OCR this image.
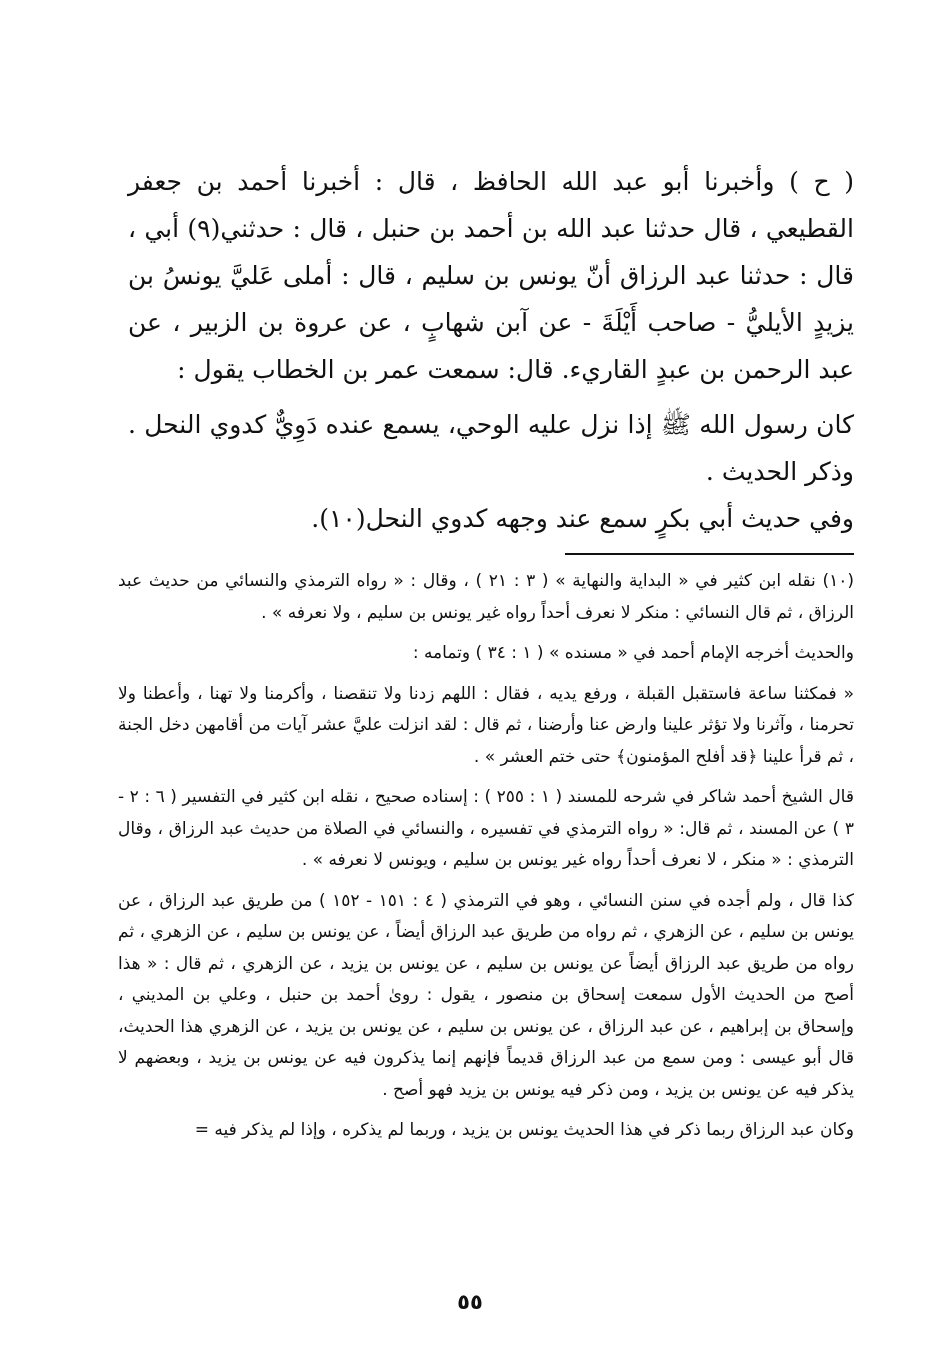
( ح ) وأخبرنا أبو عبد الله الحافظ ، قال : أخبرنا أحمد بن جعفر القطيعي ، قال حدثنا عبد الله بن أحمد بن حنبل ، قال : حدثني(٩) أبي ، قال : حدثنا عبد الرزاق أنّ يونس بن سليم ، قال : أملى عَليَّ يونسُ بن يزيدٍ الأيليُّ - صاحب أَيْلَةَ - عن آبن شهابٍ ، عن عروة بن الزبير ، عن عبد الرحمن بن عبدٍ القاريء. قال: سمعت عمر بن الخطاب يقول :

كان رسول الله ﷺ إذا نزل عليه الوحي، يسمع عنده دَوِيٌّ كدوي النحل . وذكر الحديث .

وفي حديث أبي بكرٍ سمع عند وجهه كدوي النحل(١٠).

(١٠) نقله ابن كثير في « البداية والنهاية » ( ٣ : ٢١ ) ، وقال : « رواه الترمذي والنسائي من حديث عبد الرزاق ، ثم قال النسائي : منكر لا نعرف أحداً رواه غير يونس بن سليم ، ولا نعرفه » .

والحديث أخرجه الإمام أحمد في « مسنده » ( ١ : ٣٤ ) وتمامه :

« فمكثنا ساعة فاستقبل القبلة ، ورفع يديه ، فقال : اللهم زدنا ولا تنقصنا ، وأكرمنا ولا تهنا ، وأعطنا ولا تحرمنا ، وآثرنا ولا تؤثر علينا وارض عنا وأرضنا ، ثم قال : لقد انزلت عليَّ عشر آيات من أقامهن دخل الجنة ، ثم قرأ علينا ﴿قد أفلح المؤمنون﴾ حتى ختم العشر » .

قال الشيخ أحمد شاكر في شرحه للمسند ( ١ : ٢٥٥ ) : إسناده صحيح ، نقله ابن كثير في التفسير ( ٦ : ٢ - ٣ ) عن المسند ، ثم قال: « رواه الترمذي في تفسيره ، والنسائي في الصلاة من حديث عبد الرزاق ، وقال الترمذي : « منكر ، لا نعرف أحداً رواه غير يونس بن سليم ، ويونس لا نعرفه » .

كذا قال ، ولم أجده في سنن النسائي ، وهو في الترمذي ( ٤ : ١٥١ - ١٥٢ ) من طريق عبد الرزاق ، عن يونس بن سليم ، عن الزهري ، ثم رواه من طريق عبد الرزاق أيضاً ، عن يونس بن سليم ، عن الزهري ، ثم رواه من طريق عبد الرزاق أيضاً عن يونس بن سليم ، عن يونس بن يزيد ، عن الزهري ، ثم قال : « هذا أصح من الحديث الأول سمعت إسحاق بن منصور ، يقول : روىٰ أحمد بن حنبل ، وعلي بن المديني ، وإسحاق بن إبراهيم ، عن عبد الرزاق ، عن يونس بن سليم ، عن يونس بن يزيد ، عن الزهري هذا الحديث، قال أبو عيسى : ومن سمع من عبد الرزاق قديماً فإنهم إنما يذكرون فيه عن يونس بن يزيد ، وبعضهم لا يذكر فيه عن يونس بن يزيد ، ومن ذكر فيه يونس بن يزيد فهو أصح .

وكان عبد الرزاق ربما ذكر في هذا الحديث يونس بن يزيد ، وربما لم يذكره ، وإذا لم يذكر فيه =

٥٥
